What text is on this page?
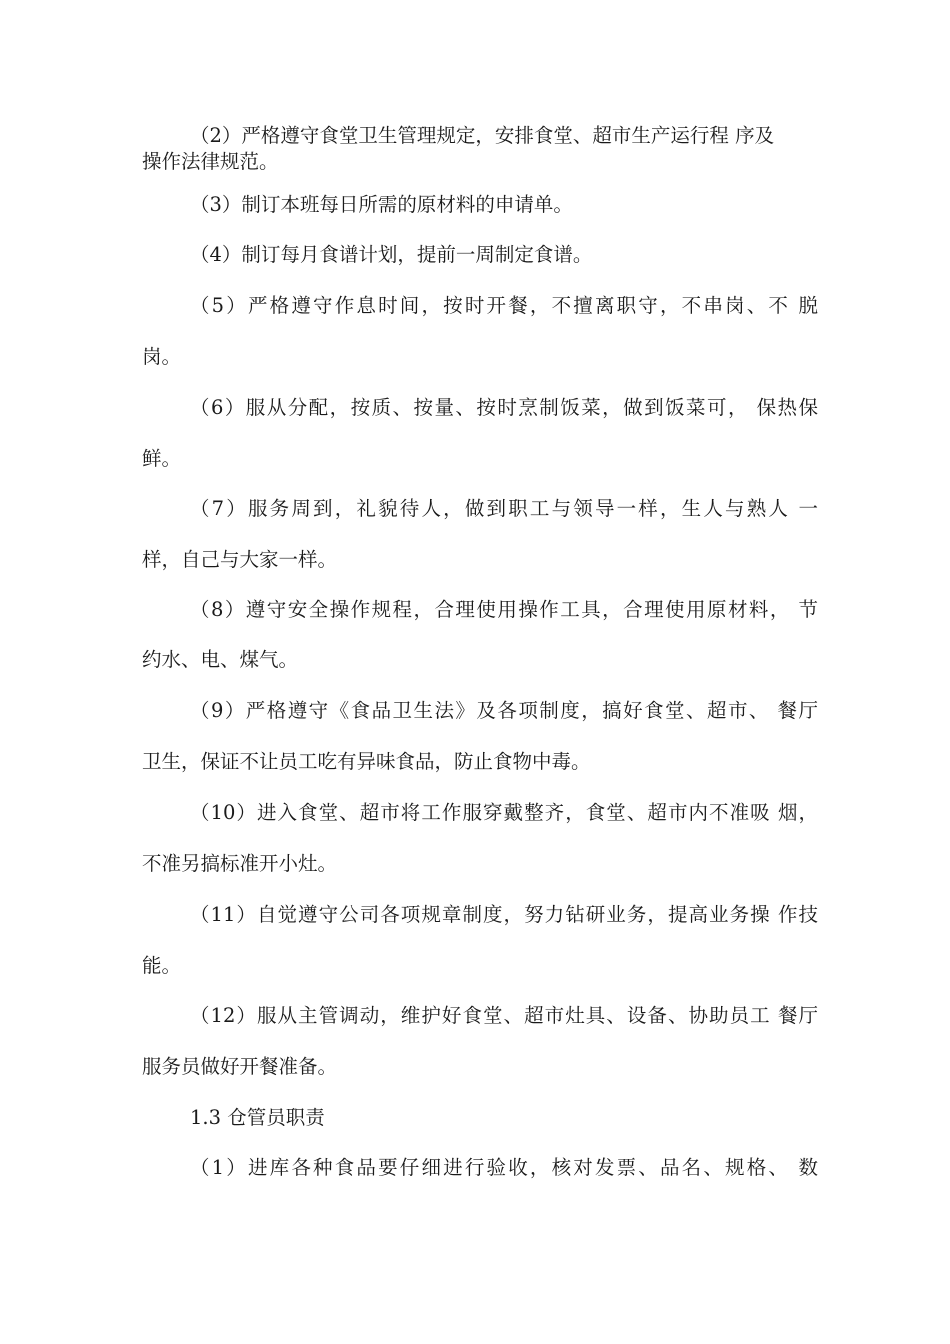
（2）严格遵守食堂卫生管理规定，安排食堂、超市生产运行程 序及
操作法律规范。
（3）制订本班每日所需的原材料的申请单。
（4）制订每月食谱计划，提前一周制定食谱。
（5）严格遵守作息时间，按时开餐，不擅离职守，不串岗、不 脱
岗。
（6）服从分配，按质、按量、按时烹制饭菜，做到饭菜可， 保热保
鲜。
（7）服务周到，礼貌待人，做到职工与领导一样，生人与熟人 一
样，自己与大家一样。
（8）遵守安全操作规程，合理使用操作工具，合理使用原材料， 节
约水、电、煤气。
（9）严格遵守《食品卫生法》及各项制度，搞好食堂、超市、 餐厅
卫生，保证不让员工吃有异味食品，防止食物中毒。
（10）进入食堂、超市将工作服穿戴整齐，食堂、超市内不准吸 烟，
不准另搞标准开小灶。
（11）自觉遵守公司各项规章制度，努力钻研业务，提高业务操 作技
能。
（12）服从主管调动，维护好食堂、超市灶具、设备、协助员工 餐厅
服务员做好开餐准备。
1.3 仓管员职责
（1）进库各种食品要仔细进行验收，核对发票、品名、规格、 数
